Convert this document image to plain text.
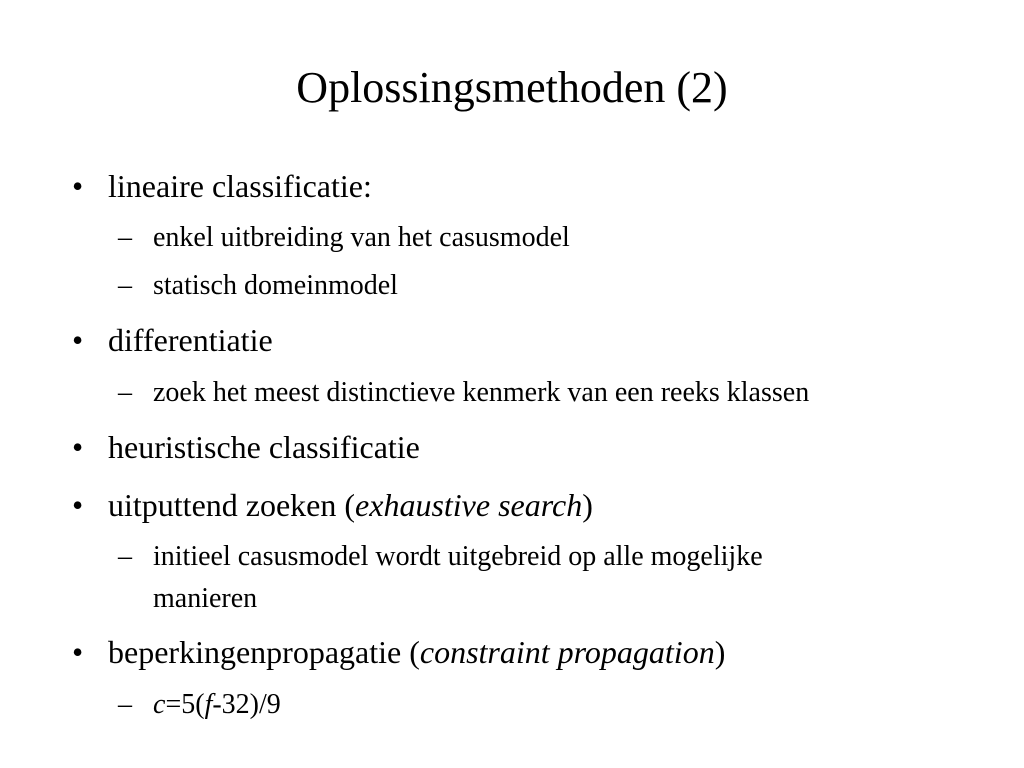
Oplossingsmethoden (2)
• lineaire classificatie:
– enkel uitbreiding van het casusmodel
– statisch domeinmodel
• differentiatie
– zoek het meest distinctieve kenmerk van een reeks klassen
• heuristische classificatie
• uitputtend zoeken (exhaustive search)
– initieel casusmodel wordt uitgebreid op alle mogelijke
manieren
• beperkingenpropagatie (constraint propagation)
– c=5(f-32)/9
